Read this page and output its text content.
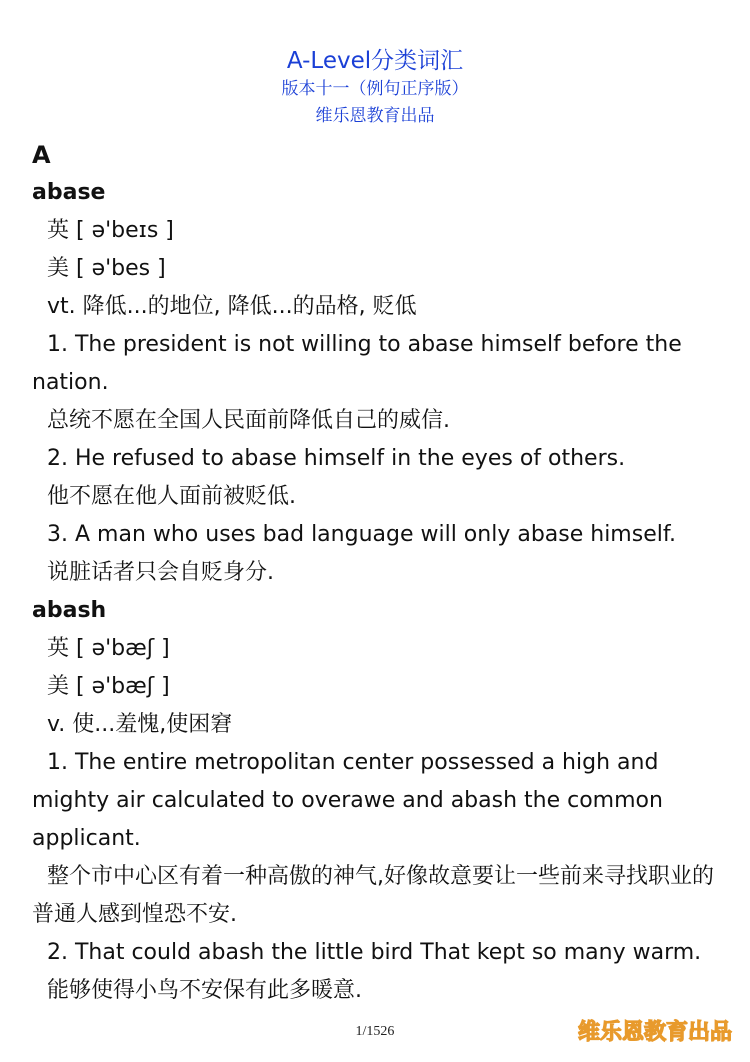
A-Level分类词汇
版本十一（例句正序版）
维乐恩教育出品
A
abase
英 [ ə'beɪs ]
美 [ ə'bes ]
vt. 降低...的地位, 降低...的品格, 贬低
1. The president is not willing to abase himself before the nation.
总统不愿在全国人民面前降低自己的威信.
2. He refused to abase himself in the eyes of others.
他不愿在他人面前被贬低.
3. A man who uses bad language will only abase himself.
说脏话者只会自贬身分.
abash
英 [ ə'bæʃ ]
美 [ ə'bæʃ ]
v. 使...羞愧,使困窘
1. The entire metropolitan center possessed a high and mighty air calculated to overawe and abash the common applicant.
整个市中心区有着一种高傲的神气,好像故意要让一些前来寻找职业的普通人感到惶恐不安.
2. That could abash the little bird That kept so many warm.
能够使得小鸟不安保有此多暖意.
1/1526	维乐恩教育出品
